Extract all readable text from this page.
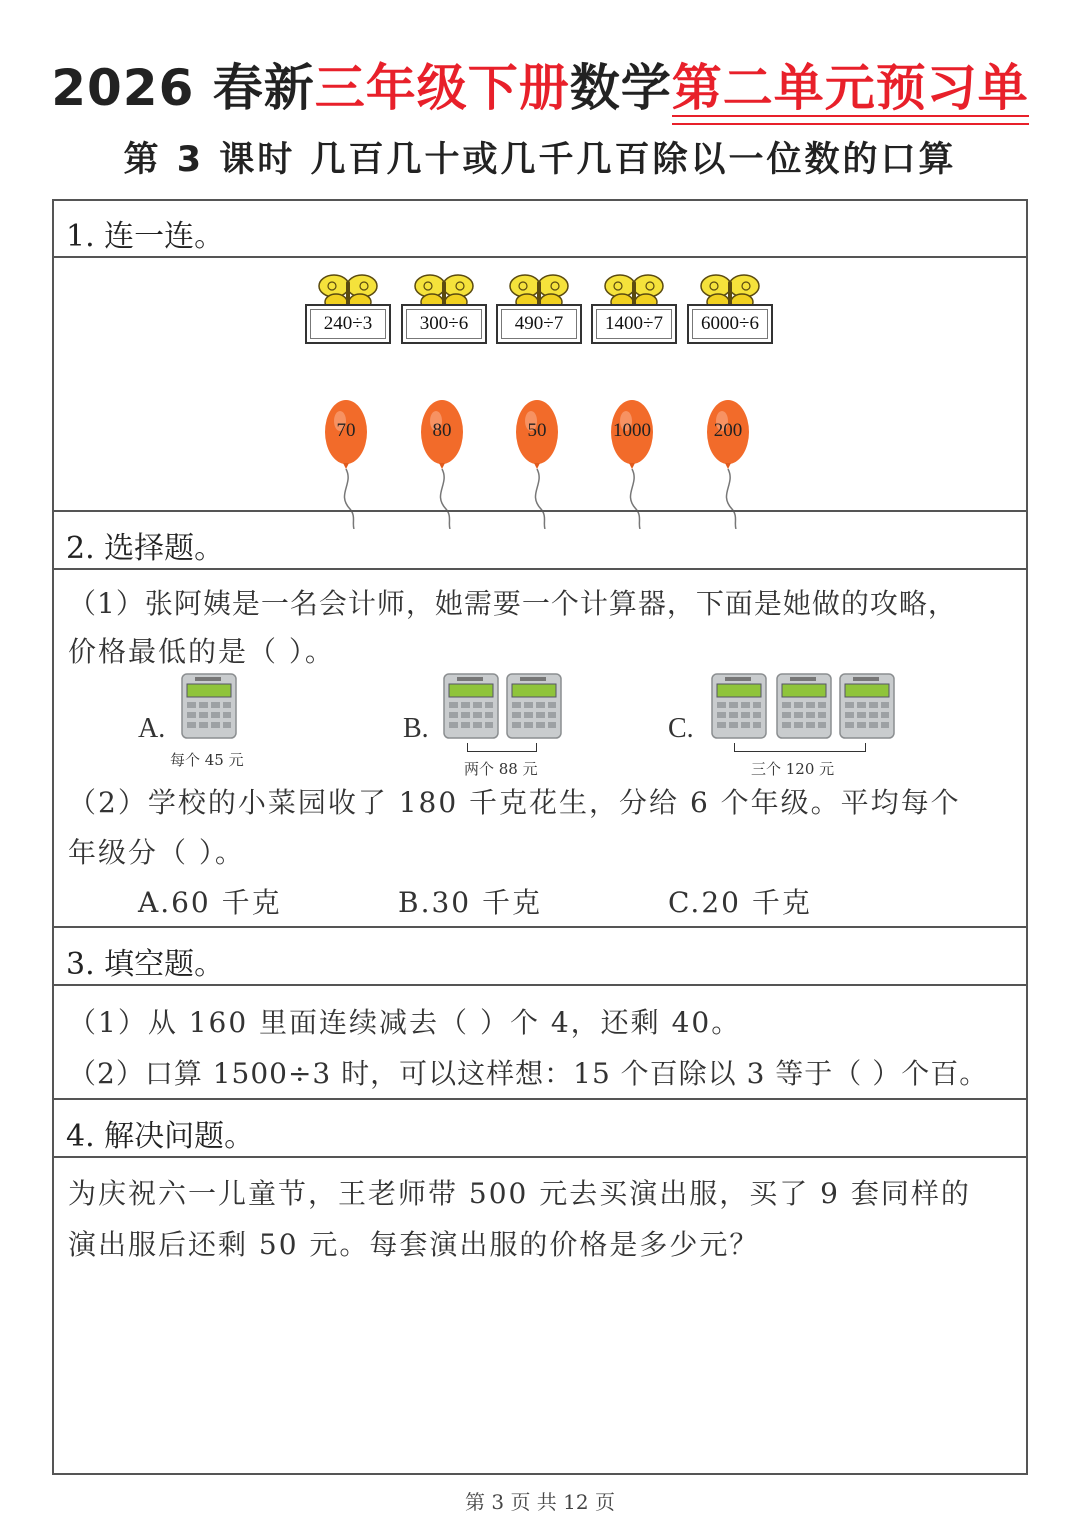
2026 春新三年级下册数学第二单元预习单
第 3 课时 几百几十或几千几百除以一位数的口算
1. 连一连。
240÷3	300÷6	490÷7	1400÷7	6000÷6
70	80	50	1000	200
2. 选择题。
（1）张阿姨是一名会计师，她需要一个计算器，下面是她做的攻略，
价格最低的是（ ）。
A.
每个 45 元
B.
两个 88 元
C.
三个 120 元
（2）学校的小菜园收了 180 千克花生，分给 6 个年级。平均每个
年级分（ ）。
A.60 千克	B.30 千克	C.20 千克
3. 填空题。
（1）从 160 里面连续减去（ ）个 4，还剩 40。
（2）口算 1500÷3 时，可以这样想：15 个百除以 3 等于（ ）个百。
4. 解决问题。
为庆祝六一儿童节，王老师带 500 元去买演出服，买了 9 套同样的
演出服后还剩 50 元。每套演出服的价格是多少元？
第 3 页 共 12 页
